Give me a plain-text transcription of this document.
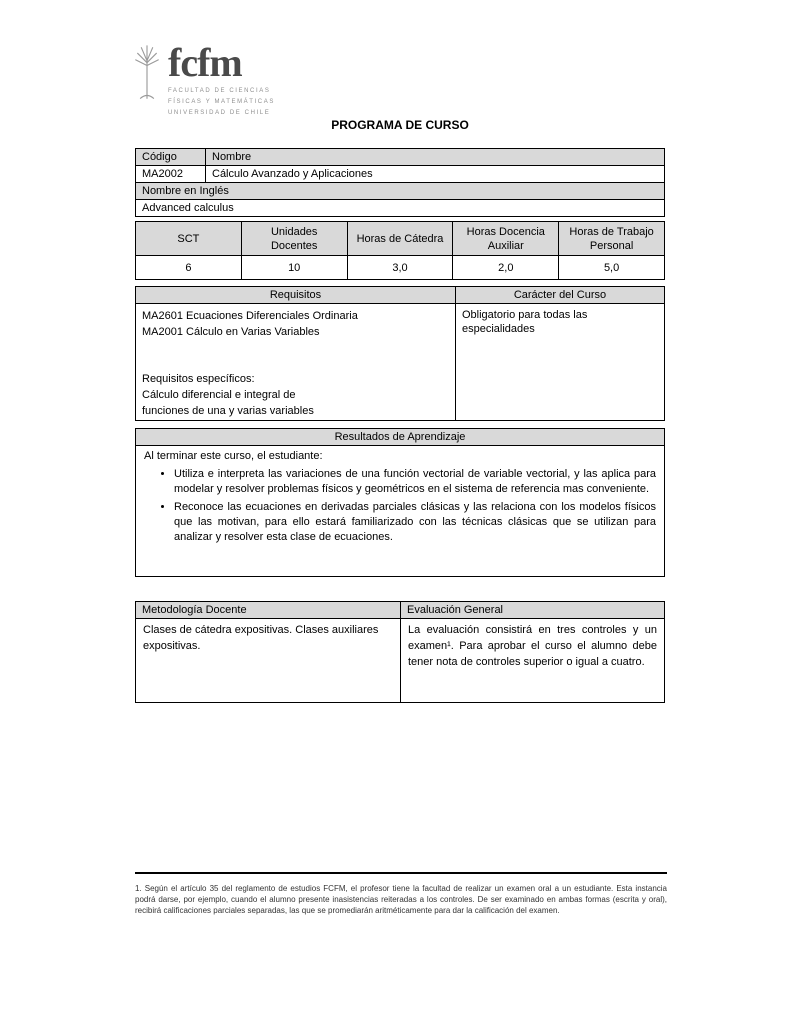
fcfm
FACULTAD DE CIENCIAS
FÍSICAS Y MATEMÁTICAS
UNIVERSIDAD DE CHILE
PROGRAMA DE CURSO
Código	Nombre
MA2002	Cálculo Avanzado y Aplicaciones
Nombre en Inglés	
Advanced calculus	
SCT	Unidades Docentes	Horas de Cátedra	Horas Docencia Auxiliar	Horas de Trabajo Personal
6	10	3,0	2,0	5,0
Requisitos	Carácter del Curso

MA2601 Ecuaciones Diferenciales Ordinaria
MA2001 Cálculo en Varias Variables
Requisitos específicos:
Cálculo diferencial e integral de
funciones de una y varias variables	Obligatorio para todas las especialidades
Resultados de Aprendizaje

Al terminar este curso, el estudiante:
• Utiliza e interpreta las variaciones de una función vectorial de variable vectorial, y las aplica para modelar y resolver problemas físicos y geométricos en el sistema de referencia mas conveniente.
• Reconoce las ecuaciones en derivadas parciales clásicas y las relaciona con los modelos físicos que las motivan, para ello estará familiarizado con las técnicas clásicas que se utilizan para analizar y resolver esta clase de ecuaciones.
Metodología Docente	Evaluación General
Clases de cátedra expositivas. Clases auxiliares expositivas.	La evaluación consistirá en tres controles y un examen¹. Para aprobar el curso el alumno debe tener nota de controles superior o igual a cuatro.
1. Según el artículo 35 del reglamento de estudios FCFM, el profesor tiene la facultad de realizar un examen oral a un estudiante. Esta instancia podrá darse, por ejemplo, cuando el alumno presente inasistencias reiteradas a los controles. De ser examinado en ambas formas (escrita y oral), recibirá calificaciones parciales separadas, las que se promediarán aritméticamente para dar la calificación del examen.
